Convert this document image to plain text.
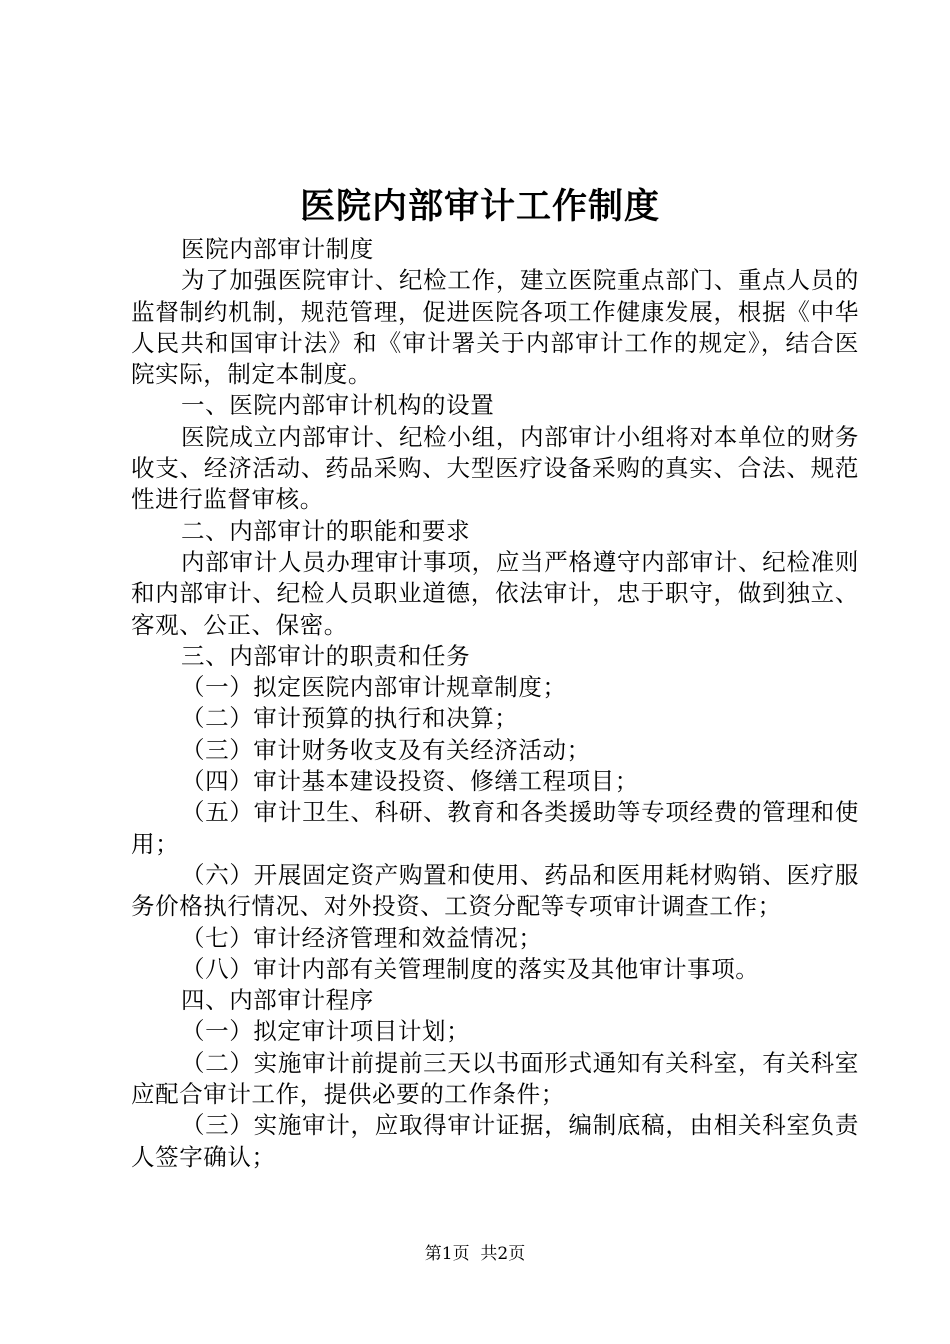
医院内部审计工作制度

医院内部审计制度

为了加强医院审计、纪检工作，建立医院重点部门、重点人员的监督制约机制，规范管理，促进医院各项工作健康发展，根据《中华人民共和国审计法》和《审计署关于内部审计工作的规定》，结合医院实际，制定本制度。

一、医院内部审计机构的设置

医院成立内部审计、纪检小组，内部审计小组将对本单位的财务收支、经济活动、药品采购、大型医疗设备采购的真实、合法、规范性进行监督审核。

二、内部审计的职能和要求

内部审计人员办理审计事项，应当严格遵守内部审计、纪检准则和内部审计、纪检人员职业道德，依法审计，忠于职守，做到独立、客观、公正、保密。

三、内部审计的职责和任务

（一）拟定医院内部审计规章制度；

（二）审计预算的执行和决算；

（三）审计财务收支及有关经济活动；

（四）审计基本建设投资、修缮工程项目；

（五）审计卫生、科研、教育和各类援助等专项经费的管理和使用；

（六）开展固定资产购置和使用、药品和医用耗材购销、医疗服务价格执行情况、对外投资、工资分配等专项审计调查工作；

（七）审计经济管理和效益情况；

（八）审计内部有关管理制度的落实及其他审计事项。

四、内部审计程序

（一）拟定审计项目计划；

（二）实施审计前提前三天以书面形式通知有关科室，有关科室应配合审计工作，提供必要的工作条件；

（三）实施审计，应取得审计证据，编制底稿，由相关科室负责人签字确认；

第1页 共2页
